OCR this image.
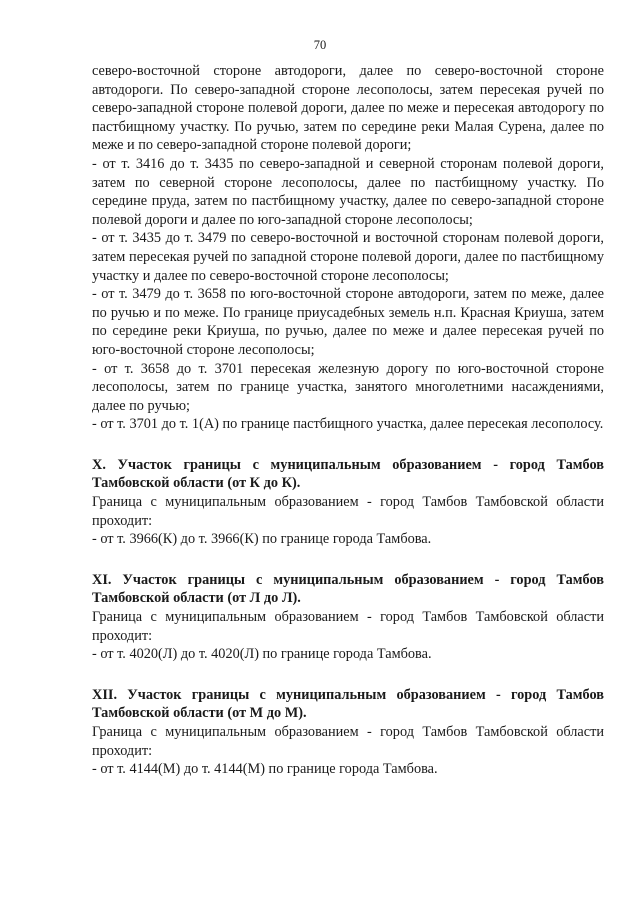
70

северо-восточной стороне автодороги, далее по северо-восточной стороне автодороги. По северо-западной стороне лесополосы, затем пересекая ручей по северо-западной стороне полевой дороги, далее по меже и пересекая автодорогу по пастбищному участку. По ручью, затем по середине реки Малая Сурена, далее по меже и по северо-западной стороне полевой дороги;

- от т. 3416 до т. 3435 по северо-западной и северной сторонам полевой дороги, затем по северной стороне лесополосы, далее по пастбищному участку. По середине пруда, затем по пастбищному участку, далее по северо-западной стороне полевой дороги и далее по юго-западной стороне лесополосы;

- от т. 3435 до т. 3479 по северо-восточной и восточной сторонам полевой дороги, затем пересекая ручей по западной стороне полевой дороги, далее по пастбищному участку и далее по северо-восточной стороне лесополосы;

- от т. 3479 до т. 3658 по юго-восточной стороне автодороги, затем по меже, далее по ручью и по меже. По границе приусадебных земель н.п. Красная Криуша, затем по середине реки Криуша, по ручью, далее по меже и далее пересекая ручей по юго-восточной стороне лесополосы;

- от т. 3658 до т. 3701 пересекая железную дорогу по юго-восточной стороне лесополосы, затем по границе участка, занятого многолетними насаждениями, далее по ручью;

- от т. 3701 до т. 1(А) по границе пастбищного участка, далее пересекая лесополосу.

X. Участок границы с муниципальным образованием - город Тамбов Тамбовской области (от К до К).

Граница с муниципальным образованием - город Тамбов Тамбовской области проходит:

- от т. 3966(К) до т. 3966(К) по границе города Тамбова.

XI. Участок границы с муниципальным образованием - город Тамбов Тамбовской области (от Л до Л).

Граница с муниципальным образованием - город Тамбов Тамбовской области проходит:

- от т. 4020(Л) до т. 4020(Л) по границе города Тамбова.

XII. Участок границы с муниципальным образованием - город Тамбов Тамбовской области (от М до М).

Граница с муниципальным образованием - город Тамбов Тамбовской области проходит:

- от т. 4144(М) до т. 4144(М) по границе города Тамбова.
